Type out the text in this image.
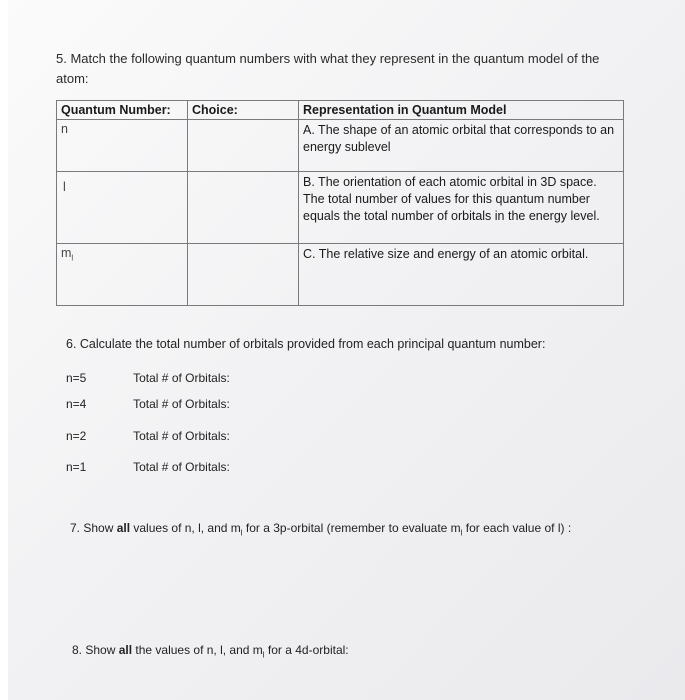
5. Match the following quantum numbers with what they represent in the quantum model of the atom:
Quantum Number:	Choice:	Representation in Quantum Model
n		A. The shape of an atomic orbital that corresponds to an energy sublevel
l		B. The orientation of each atomic orbital in 3D space. The total number of values for this quantum number equals the total number of orbitals in the energy level.
$m_l$		C. The relative size and energy of an atomic orbital.
6. Calculate the total number of orbitals provided from each principal quantum number:
n=5	Total # of Orbitals:
n=4	Total # of Orbitals:
n=2	Total # of Orbitals:
n=1	Total # of Orbitals:
7. Show all values of n, l, and $m_l$ for a 3p-orbital (remember to evaluate $m_l$ for each value of l) :
8. Show all the values of n, l, and $m_l$ for a 4d-orbital:
